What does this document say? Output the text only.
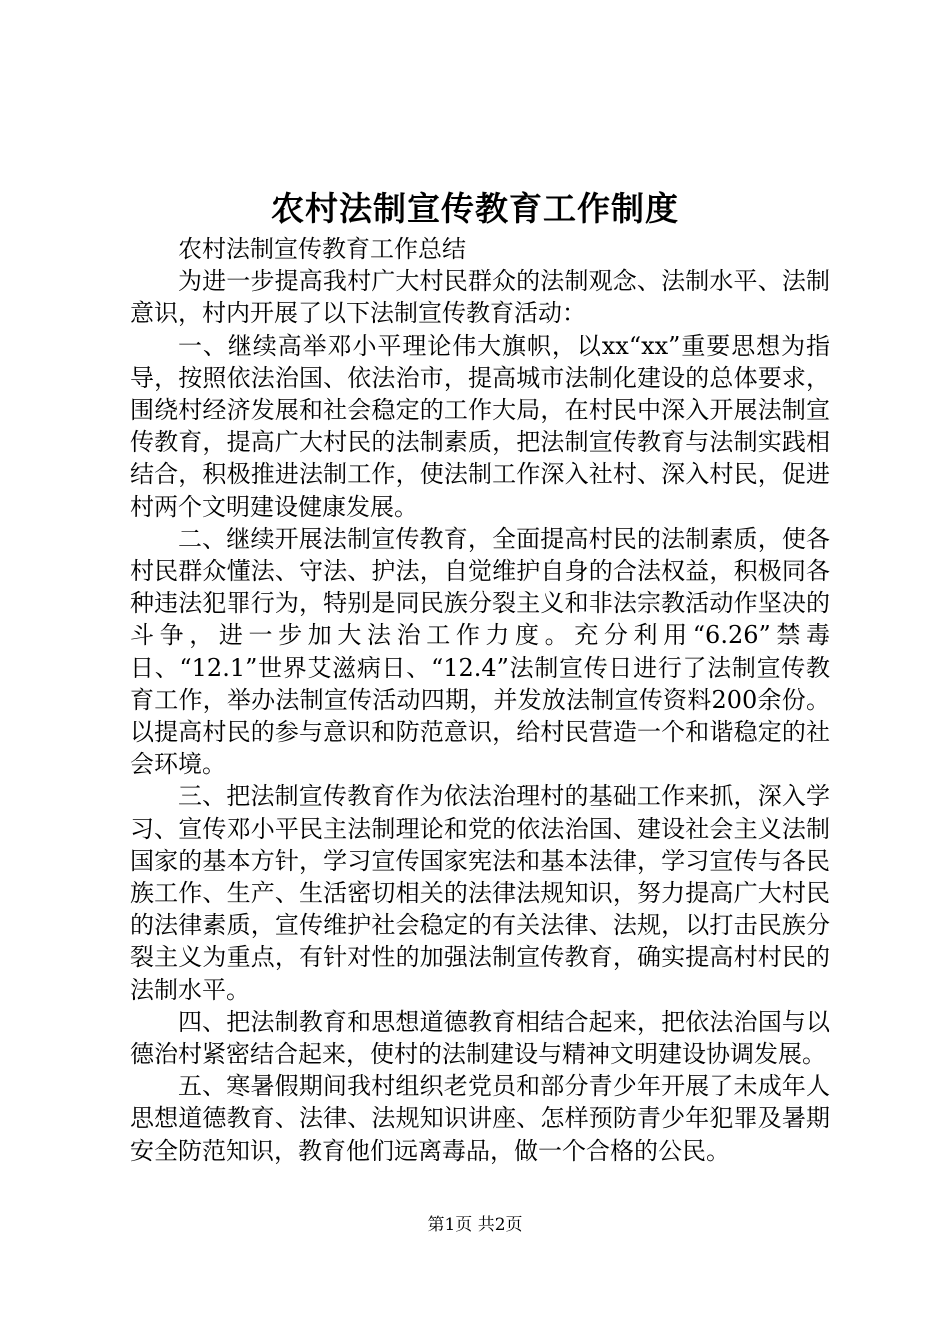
农村法制宣传教育工作制度

农村法制宣传教育工作总结

为进一步提高我村广大村民群众的法制观念、法制水平、法制意识，村内开展了以下法制宣传教育活动：

一、继续高举邓小平理论伟大旗帜，以xx“xx”重要思想为指导，按照依法治国、依法治市，提高城市法制化建设的总体要求，围绕村经济发展和社会稳定的工作大局，在村民中深入开展法制宣传教育，提高广大村民的法制素质，把法制宣传教育与法制实践相结合，积极推进法制工作，使法制工作深入社村、深入村民，促进村两个文明建设健康发展。

二、继续开展法制宣传教育，全面提高村民的法制素质，使各村民群众懂法、守法、护法，自觉维护自身的合法权益，积极同各种违法犯罪行为，特别是同民族分裂主义和非法宗教活动作坚决的斗争，进一步加大法治工作力度。充分利用“6.26”禁毒日、“12.1”世界艾滋病日、“12.4”法制宣传日进行了法制宣传教育工作，举办法制宣传活动四期，并发放法制宣传资料200余份。以提高村民的参与意识和防范意识，给村民营造一个和谐稳定的社会环境。

三、把法制宣传教育作为依法治理村的基础工作来抓，深入学习、宣传邓小平民主法制理论和党的依法治国、建设社会主义法制国家的基本方针，学习宣传国家宪法和基本法律，学习宣传与各民族工作、生产、生活密切相关的法律法规知识，努力提高广大村民的法律素质，宣传维护社会稳定的有关法律、法规，以打击民族分裂主义为重点，有针对性的加强法制宣传教育，确实提高村村民的法制水平。

四、把法制教育和思想道德教育相结合起来，把依法治国与以德治村紧密结合起来，使村的法制建设与精神文明建设协调发展。

五、寒暑假期间我村组织老党员和部分青少年开展了未成年人思想道德教育、法律、法规知识讲座、怎样预防青少年犯罪及暑期安全防范知识，教育他们远离毒品，做一个合格的公民。

第1页 共2页
